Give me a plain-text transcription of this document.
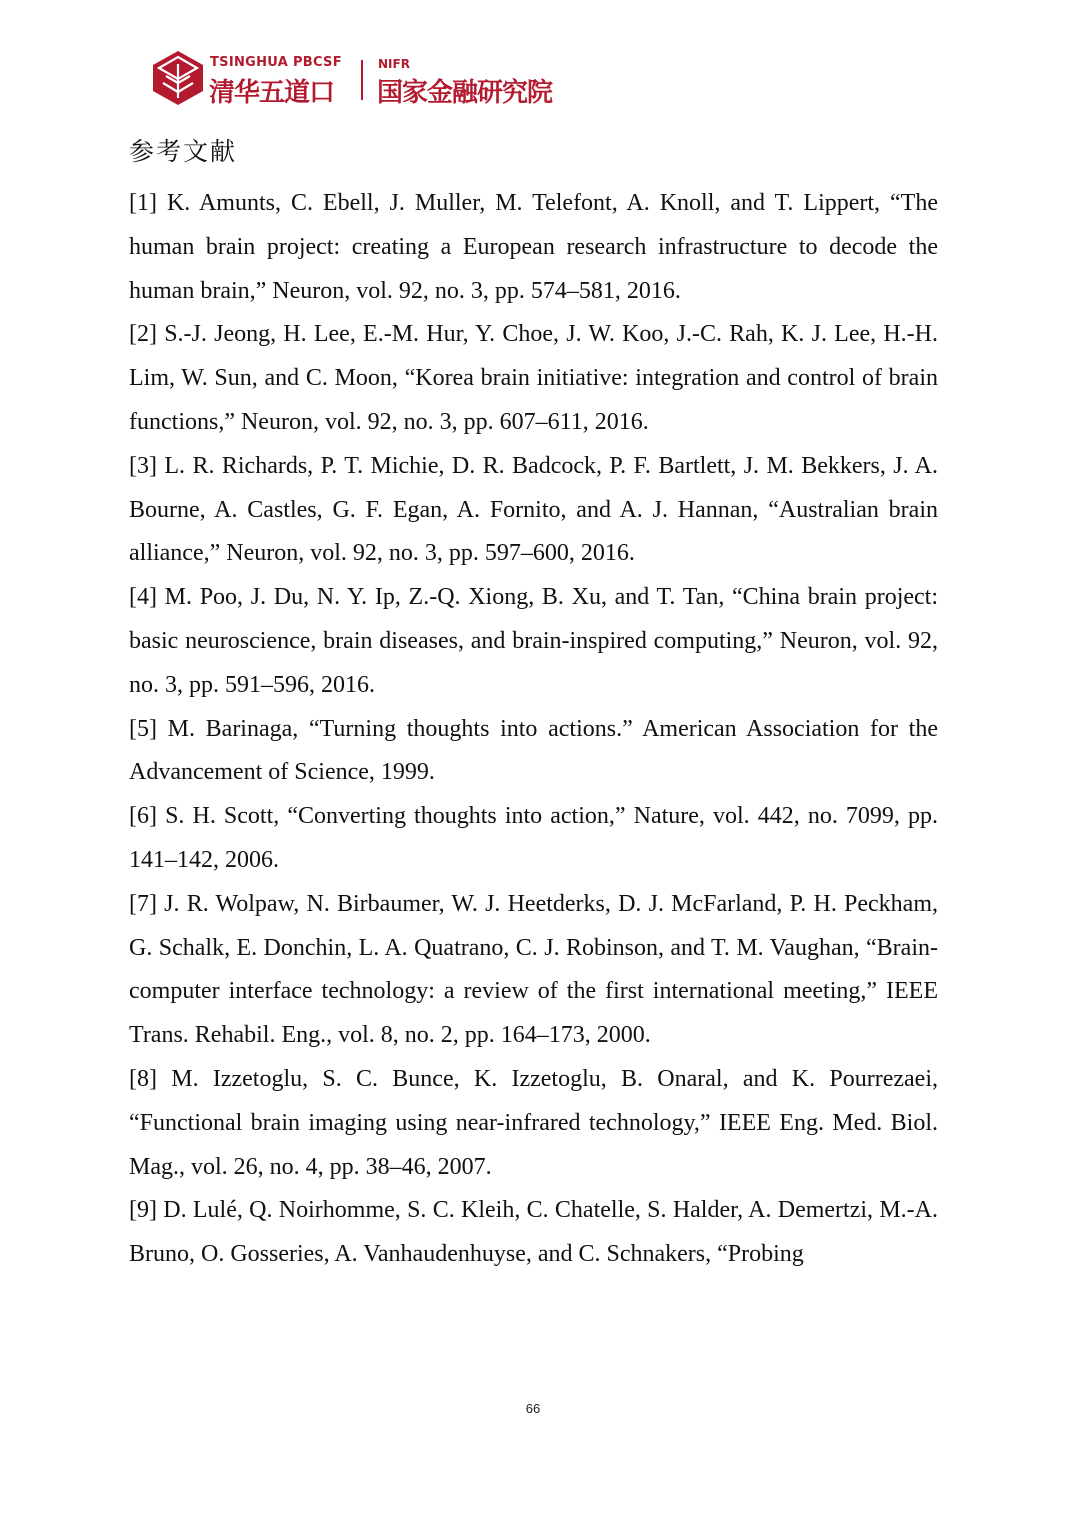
TSINGHUA PBCSF
清华五道口
NIFR
国家金融研究院
参考文献

[1] K. Amunts, C. Ebell, J. Muller, M. Telefont, A. Knoll, and T. Lippert, “The human brain project: creating a European research infrastructure to decode the human brain,” Neuron, vol. 92, no. 3, pp. 574–581, 2016.

[2] S.-J. Jeong, H. Lee, E.-M. Hur, Y. Choe, J. W. Koo, J.-C. Rah, K. J. Lee, H.-H. Lim, W. Sun, and C. Moon, “Korea brain initiative: integration and control of brain functions,” Neuron, vol. 92, no. 3, pp. 607–611, 2016.

[3] L. R. Richards, P. T. Michie, D. R. Badcock, P. F. Bartlett, J. M. Bekkers, J. A. Bourne, A. Castles, G. F. Egan, A. Fornito, and A. J. Hannan, “Australian brain alliance,” Neuron, vol. 92, no. 3, pp. 597–600, 2016.

[4] M. Poo, J. Du, N. Y. Ip, Z.-Q. Xiong, B. Xu, and T. Tan, “China brain project: basic neuroscience, brain diseases, and brain-inspired computing,” Neuron, vol. 92, no. 3, pp. 591–596, 2016.

[5] M. Barinaga, “Turning thoughts into actions.” American Association for the Advancement of Science, 1999.

[6] S. H. Scott, “Converting thoughts into action,” Nature, vol. 442, no. 7099, pp. 141–142, 2006.

[7] J. R. Wolpaw, N. Birbaumer, W. J. Heetderks, D. J. McFarland, P. H. Peckham, G. Schalk, E. Donchin, L. A. Quatrano, C. J. Robinson, and T. M. Vaughan, “Brain-computer interface technology: a review of the first international meeting,” IEEE Trans. Rehabil. Eng., vol. 8, no. 2, pp. 164–173, 2000.

[8] M. Izzetoglu, S. C. Bunce, K. Izzetoglu, B. Onaral, and K. Pourrezaei, “Functional brain imaging using near-infrared technology,” IEEE Eng. Med. Biol. Mag., vol. 26, no. 4, pp. 38–46, 2007.

[9] D. Lulé, Q. Noirhomme, S. C. Kleih, C. Chatelle, S. Halder, A. Demertzi, M.-A. Bruno, O. Gosseries, A. Vanhaudenhuyse, and C. Schnakers, “Probing

66
